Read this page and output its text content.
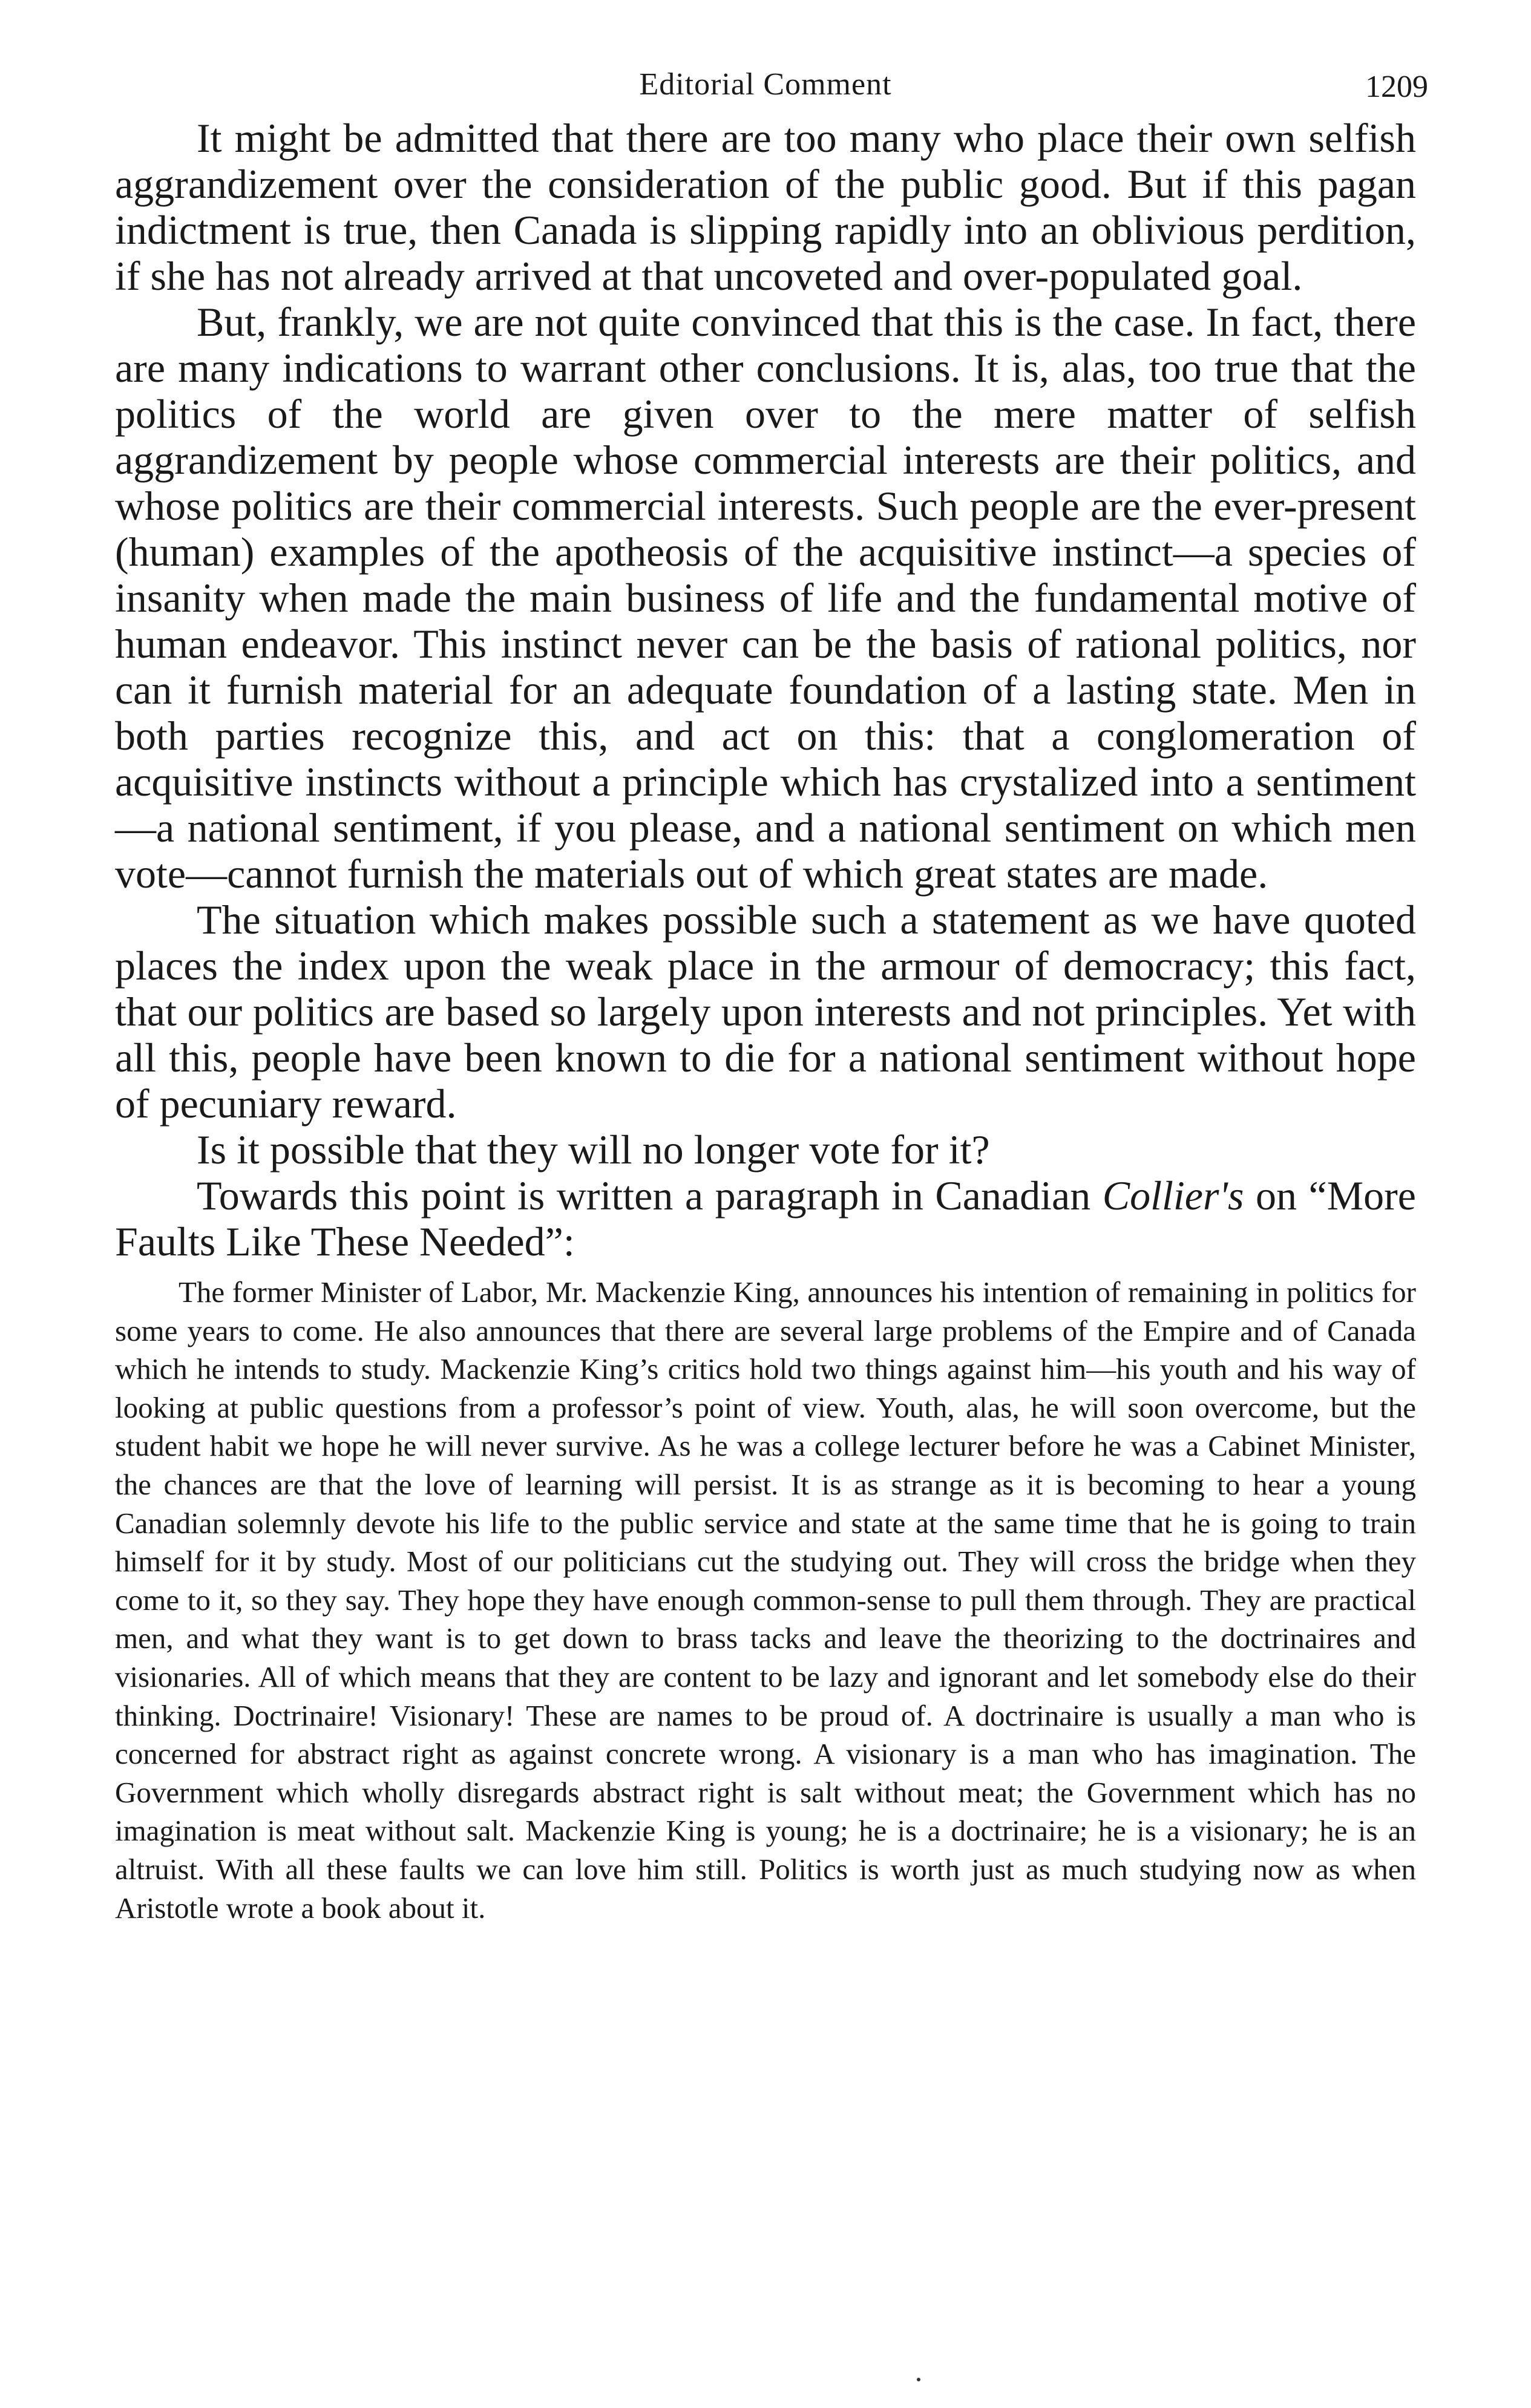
Editorial Comment	1209

It might be admitted that there are too many who place their own selfish aggrandizement over the consideration of the public good. But if this pagan indictment is true, then Canada is slipping rapidly into an oblivious perdition, if she has not already arrived at that uncoveted and over-populated goal.

But, frankly, we are not quite convinced that this is the case. In fact, there are many indications to warrant other conclusions. It is, alas, too true that the politics of the world are given over to the mere matter of selfish aggrandizement by people whose commercial interests are their politics, and whose politics are their commercial interests. Such people are the ever-present (human) examples of the apotheosis of the acquisitive instinct—a species of insanity when made the main business of life and the fundamental motive of human endeavor. This instinct never can be the basis of rational politics, nor can it furnish material for an adequate foundation of a lasting state. Men in both parties recognize this, and act on this: that a conglomeration of acquisitive instincts without a principle which has crystalized into a sentiment—a national sentiment, if you please, and a national sentiment on which men vote—cannot furnish the materials out of which great states are made.

The situation which makes possible such a statement as we have quoted places the index upon the weak place in the armour of democracy; this fact, that our politics are based so largely upon interests and not principles. Yet with all this, people have been known to die for a national sentiment without hope of pecuniary reward.

Is it possible that they will no longer vote for it?

Towards this point is written a paragraph in Canadian Collier's on “More Faults Like These Needed”:

The former Minister of Labor, Mr. Mackenzie King, announces his intention of remaining in politics for some years to come. He also announces that there are several large problems of the Empire and of Canada which he intends to study. Mackenzie King’s critics hold two things against him—his youth and his way of looking at public questions from a professor’s point of view. Youth, alas, he will soon overcome, but the student habit we hope he will never survive. As he was a college lecturer before he was a Cabinet Minister, the chances are that the love of learning will persist. It is as strange as it is becoming to hear a young Canadian solemnly devote his life to the public service and state at the same time that he is going to train himself for it by study. Most of our politicians cut the studying out. They will cross the bridge when they come to it, so they say. They hope they have enough common-sense to pull them through. They are practical men, and what they want is to get down to brass tacks and leave the theorizing to the doctrinaires and visionaries. All of which means that they are content to be lazy and ignorant and let somebody else do their thinking. Doctrinaire! Visionary! These are names to be proud of. A doctrinaire is usually a man who is concerned for abstract right as against concrete wrong. A visionary is a man who has imagination. The Government which wholly disregards abstract right is salt without meat; the Government which has no imagination is meat without salt. Mackenzie King is young; he is a doctrinaire; he is a visionary; he is an altruist. With all these faults we can love him still. Politics is worth just as much studying now as when Aristotle wrote a book about it.
